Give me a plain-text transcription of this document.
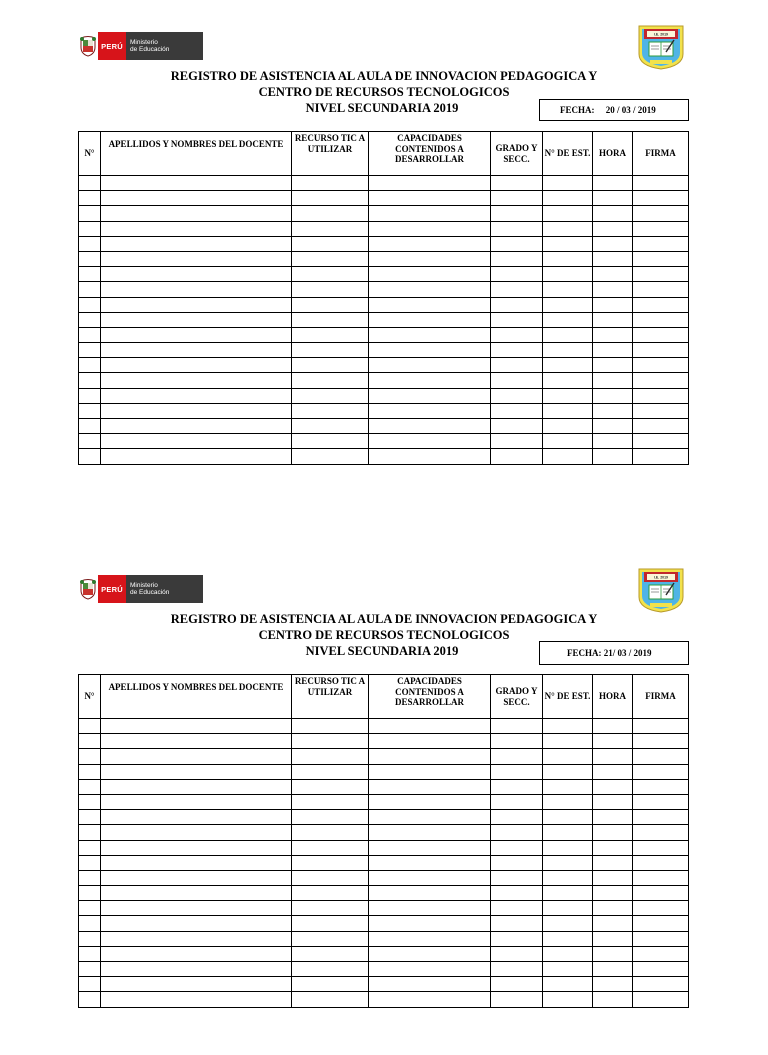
PERÚ	Ministerio
de Educación
I.E. 2019
REGISTRO DE ASISTENCIA AL AULA DE INNOVACION PEDAGOGICA Y
CENTRO DE RECURSOS TECNOLOGICOS
NIVEL SECUNDARIA 2019	FECHA:     20 / 03 / 2019
N°	APELLIDOS Y NOMBRES DEL DOCENTE	RECURSO TIC A UTILIZAR	CAPACIDADES CONTENIDOS A DESARROLLAR	GRADO Y SECC.	N° DE EST.	HORA	FIRMA

PERÚ	Ministerio
de Educación
I.E. 2019
REGISTRO DE ASISTENCIA AL AULA DE INNOVACION PEDAGOGICA Y
CENTRO DE RECURSOS TECNOLOGICOS
NIVEL SECUNDARIA 2019	FECHA: 21/ 03 / 2019
N°	APELLIDOS Y NOMBRES DEL DOCENTE	RECURSO TIC A UTILIZAR	CAPACIDADES CONTENIDOS A DESARROLLAR	GRADO Y SECC.	N° DE EST.	HORA	FIRMA
